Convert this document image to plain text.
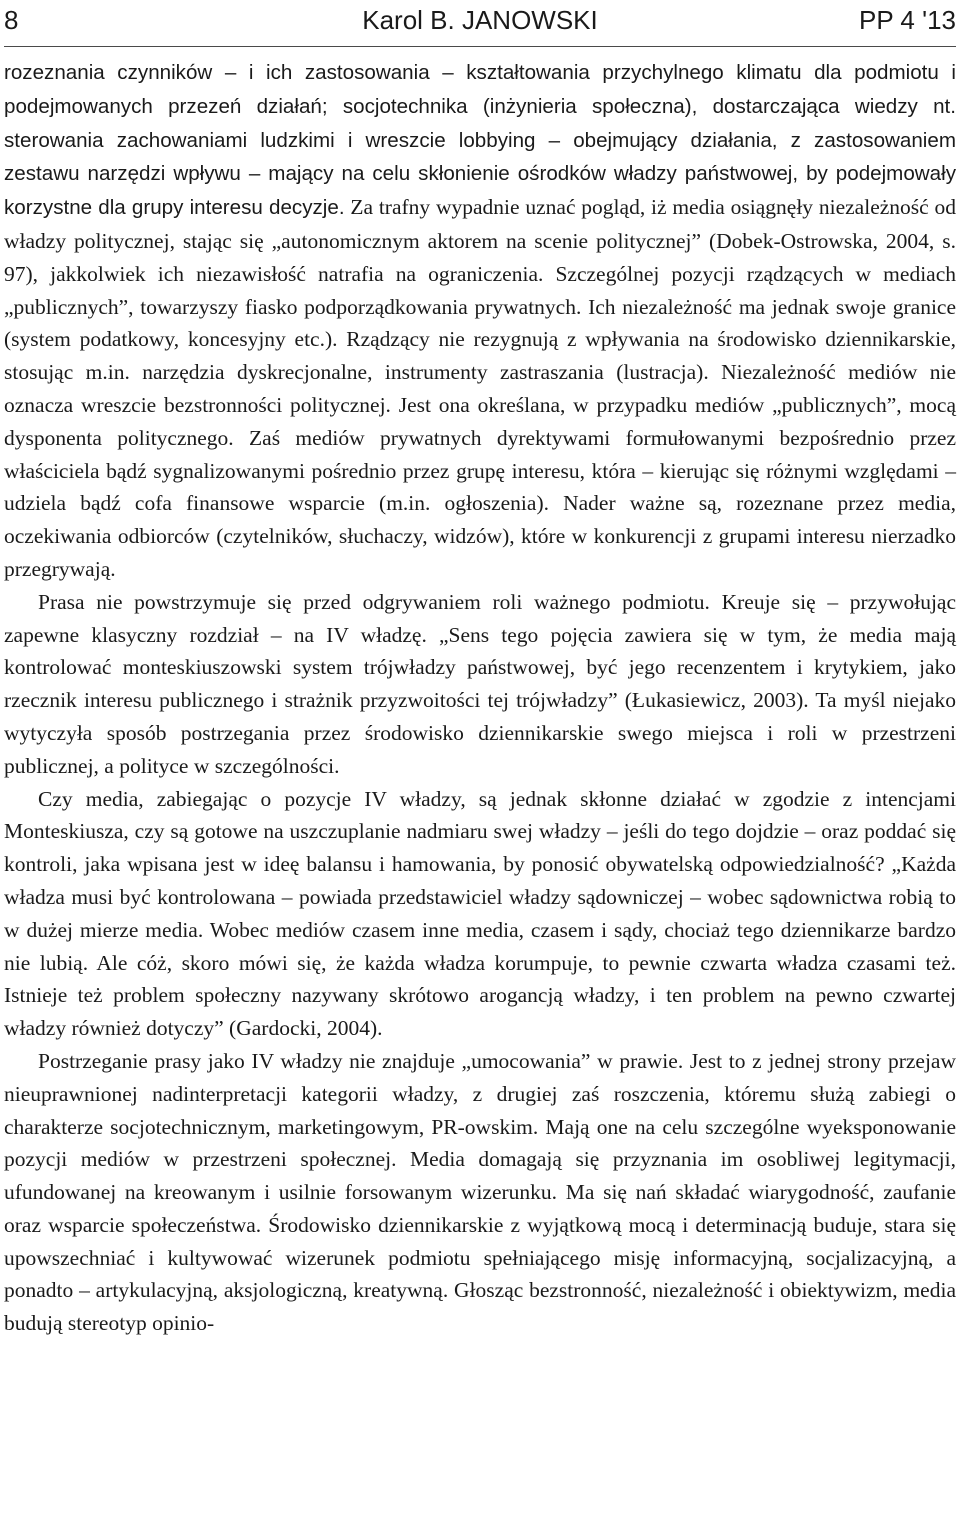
8	Karol B. JANOWSKI	PP 4 '13

rozeznania czynników – i ich zastosowania – kształtowania przychylnego klimatu dla podmiotu i podejmowanych przezeń działań; socjotechnika (inżynieria społeczna), dostarczająca wiedzy nt. sterowania zachowaniami ludzkimi i wreszcie lobbying – obejmujący działania, z zastosowaniem zestawu narzędzi wpływu – mający na celu skłonienie ośrodków władzy państwowej, by podejmowały korzystne dla grupy interesu decyzje. Za trafny wypadnie uznać pogląd, iż media osiągnęły niezależność od władzy politycznej, stając się „autonomicznym aktorem na scenie politycznej” (Dobek-Ostrowska, 2004, s. 97), jakkolwiek ich niezawisłość natrafia na ograniczenia. Szczególnej pozycji rządzących w mediach „publicznych”, towarzyszy fiasko podporządkowania prywatnych. Ich niezależność ma jednak swoje granice (system podatkowy, koncesyjny etc.). Rządzący nie rezygnują z wpływania na środowisko dziennikarskie, stosując m.in. narzędzia dyskrecjonalne, instrumenty zastraszania (lustracja). Niezależność mediów nie oznacza wreszcie bezstronności politycznej. Jest ona określana, w przypadku mediów „publicznych”, mocą dysponenta politycznego. Zaś mediów prywatnych dyrektywami formułowanymi bezpośrednio przez właściciela bądź sygnalizowanymi pośrednio przez grupę interesu, która – kierując się różnymi względami – udziela bądź cofa finansowe wsparcie (m.in. ogłoszenia). Nader ważne są, rozeznane przez media, oczekiwania odbiorców (czytelników, słuchaczy, widzów), które w konkurencji z grupami interesu nierzadko przegrywają.

Prasa nie powstrzymuje się przed odgrywaniem roli ważnego podmiotu. Kreuje się – przywołując zapewne klasyczny rozdział – na IV władzę. „Sens tego pojęcia zawiera się w tym, że media mają kontrolować monteskiuszowski system trójwładzy państwowej, być jego recenzentem i krytykiem, jako rzecznik interesu publicznego i strażnik przyzwoitości tej trójwładzy” (Łukasiewicz, 2003). Ta myśl niejako wytyczyła sposób postrzegania przez środowisko dziennikarskie swego miejsca i roli w przestrzeni publicznej, a polityce w szczególności.

Czy media, zabiegając o pozycje IV władzy, są jednak skłonne działać w zgodzie z intencjami Monteskiusza, czy są gotowe na uszczuplanie nadmiaru swej władzy – jeśli do tego dojdzie – oraz poddać się kontroli, jaka wpisana jest w ideę balansu i hamowania, by ponosić obywatelską odpowiedzialność? „Każda władza musi być kontrolowana – powiada przedstawiciel władzy sądowniczej – wobec sądownictwa robią to w dużej mierze media. Wobec mediów czasem inne media, czasem i sądy, chociaż tego dziennikarze bardzo nie lubią. Ale cóż, skoro mówi się, że każda władza korumpuje, to pewnie czwarta władza czasami też. Istnieje też problem społeczny nazywany skrótowo arogancją władzy, i ten problem na pewno czwartej władzy również dotyczy” (Gardocki, 2004).

Postrzeganie prasy jako IV władzy nie znajduje „umocowania” w prawie. Jest to z jednej strony przejaw nieuprawnionej nadinterpretacji kategorii władzy, z drugiej zaś roszczenia, któremu służą zabiegi o charakterze socjotechnicznym, marketingowym, PR-owskim. Mają one na celu szczególne wyeksponowanie pozycji mediów w przestrzeni społecznej. Media domagają się przyznania im osobliwej legitymacji, ufundowanej na kreowanym i usilnie forsowanym wizerunku. Ma się nań składać wiarygodność, zaufanie oraz wsparcie społeczeństwa. Środowisko dziennikarskie z wyjątkową mocą i determinacją buduje, stara się upowszechniać i kultywować wizerunek podmiotu spełniającego misję informacyjną, socjalizacyjną, a ponadto – artykulacyjną, aksjologiczną, kreatywną. Głosząc bezstronność, niezależność i obiektywizm, media budują stereotyp opinio-
